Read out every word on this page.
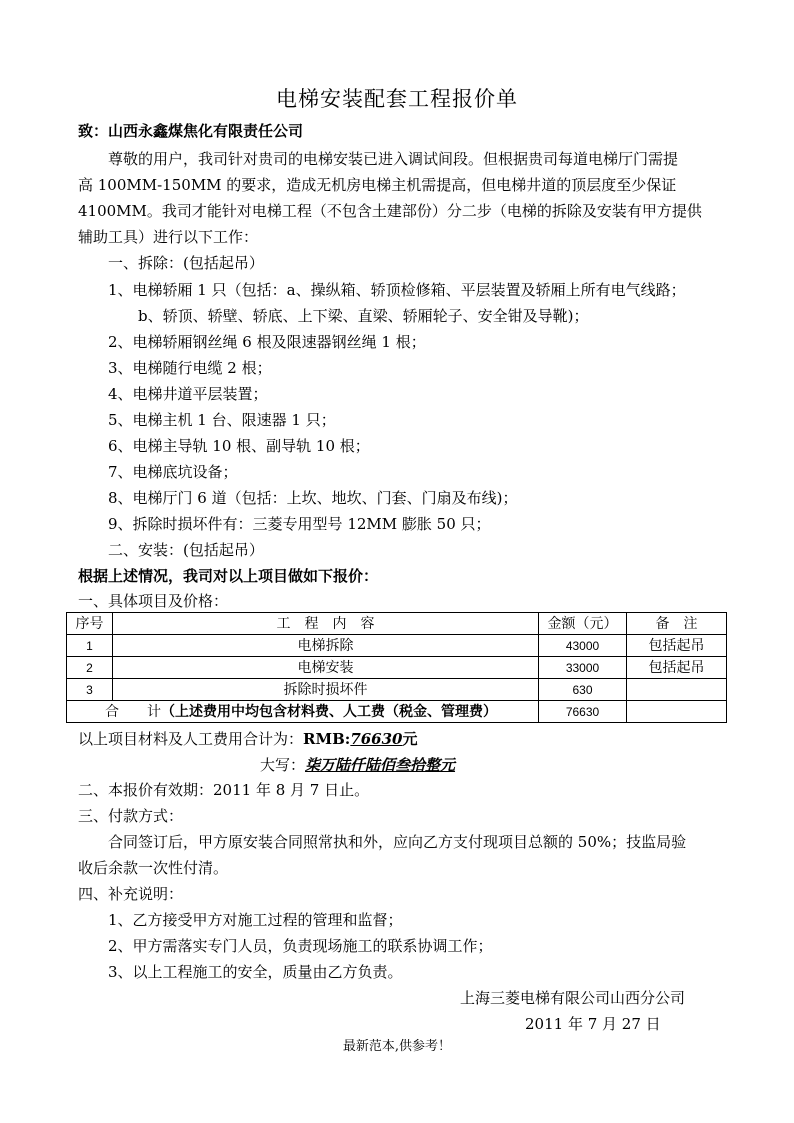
电梯安装配套工程报价单
致：山西永鑫煤焦化有限责任公司
尊敬的用户，我司针对贵司的电梯安装已进入调试间段。但根据贵司每道电梯厅门需提
高 100MM-150MM 的要求，造成无机房电梯主机需提高，但电梯井道的顶层度至少保证
4100MM。我司才能针对电梯工程（不包含土建部份）分二步（电梯的拆除及安装有甲方提供
辅助工具）进行以下工作：
一、拆除：(包括起吊）
1、电梯轿厢 1 只（包括：a、操纵箱、轿顶检修箱、平层装置及轿厢上所有电气线路；
b、轿顶、轿壁、轿底、上下梁、直梁、轿厢轮子、安全钳及导靴)；
2、电梯轿厢钢丝绳 6 根及限速器钢丝绳 1 根；
3、电梯随行电缆 2 根；
4、电梯井道平层装置；
5、电梯主机 1 台、限速器 1 只；
6、电梯主导轨 10 根、副导轨 10 根；
7、电梯底坑设备；
8、电梯厅门 6 道（包括：上坎、地坎、门套、门扇及布线)；
9、拆除时损坏件有：三菱专用型号 12MM 膨胀 50 只；
二、安装：(包括起吊）
根据上述情况，我司对以上项目做如下报价：
一、具体项目及价格：
序号	工　程　内　容	金额（元）	备　注
1	电梯拆除	43000	包括起吊
2	电梯安装	33000	包括起吊
3	拆除时损坏件	630	
合　　计（上述费用中均包含材料费、人工费（税金、管理费）		76630	
以上项目材料及人工费用合计为：RMB:76630元
大写：柒万陆仟陆佰叁拾整元
二、本报价有效期：2011 年 8 月 7 日止。
三、付款方式：
合同签订后，甲方原安装合同照常执和外，应向乙方支付现项目总额的 50%；技监局验
收后余款一次性付清。
四、补充说明：
1、乙方接受甲方对施工过程的管理和监督；
2、甲方需落实专门人员，负责现场施工的联系协调工作；
3、以上工程施工的安全，质量由乙方负责。
上海三菱电梯有限公司山西分公司
2011 年 7 月 27 日
最新范本,供参考！
